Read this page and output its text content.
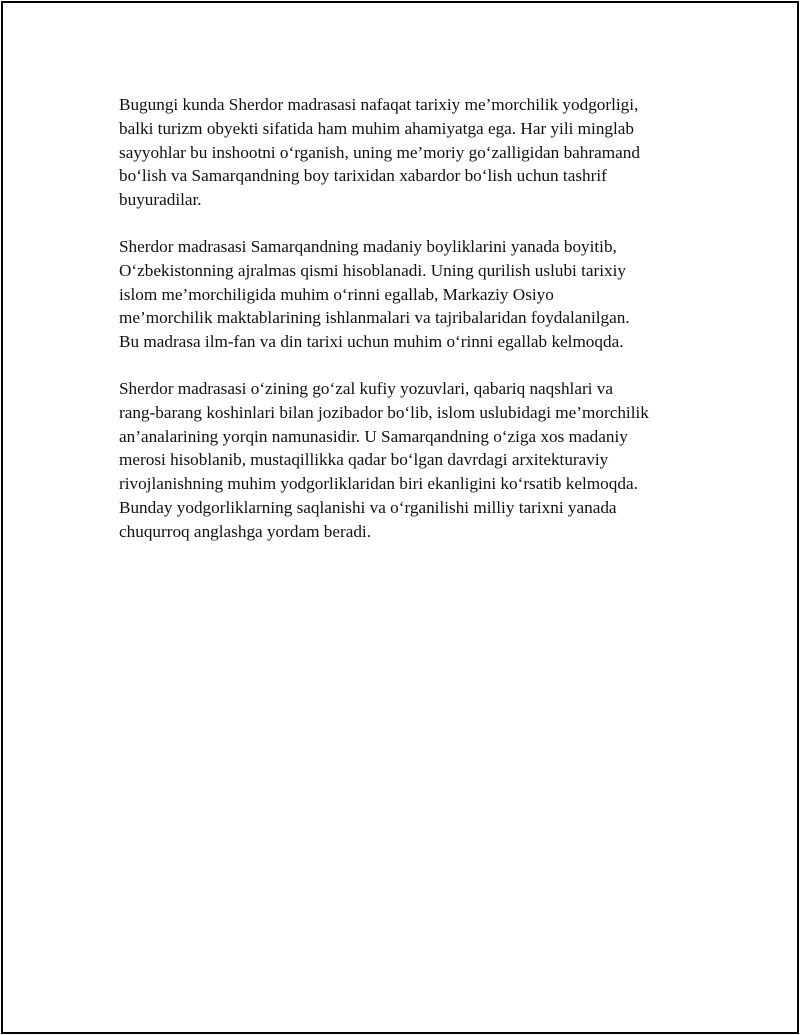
Bugungi kunda Sherdor madrasasi nafaqat tarixiy me’morchilik yodgorligi,
balki turizm obyekti sifatida ham muhim ahamiyatga ega. Har yili minglab
sayyohlar bu inshootni o‘rganish, uning me’moriy go‘zalligidan bahramand
bo‘lish va Samarqandning boy tarixidan xabardor bo‘lish uchun tashrif
buyuradilar.

Sherdor madrasasi Samarqandning madaniy boyliklarini yanada boyitib,
O‘zbekistonning ajralmas qismi hisoblanadi. Uning qurilish uslubi tarixiy
islom me’morchiligida muhim o‘rinni egallab, Markaziy Osiyo
me’morchilik maktablarining ishlanmalari va tajribalaridan foydalanilgan.
Bu madrasa ilm-fan va din tarixi uchun muhim o‘rinni egallab kelmoqda.

Sherdor madrasasi o‘zining go‘zal kufiy yozuvlari, qabariq naqshlari va
rang-barang koshinlari bilan jozibador bo‘lib, islom uslubidagi me’morchilik
an’analarining yorqin namunasidir. U Samarqandning o‘ziga xos madaniy
merosi hisoblanib, mustaqillikka qadar bo‘lgan davrdagi arxitekturaviy
rivojlanishning muhim yodgorliklaridan biri ekanligini ko‘rsatib kelmoqda.
Bunday yodgorliklarning saqlanishi va o‘rganilishi milliy tarixni yanada
chuqurroq anglashga yordam beradi.
